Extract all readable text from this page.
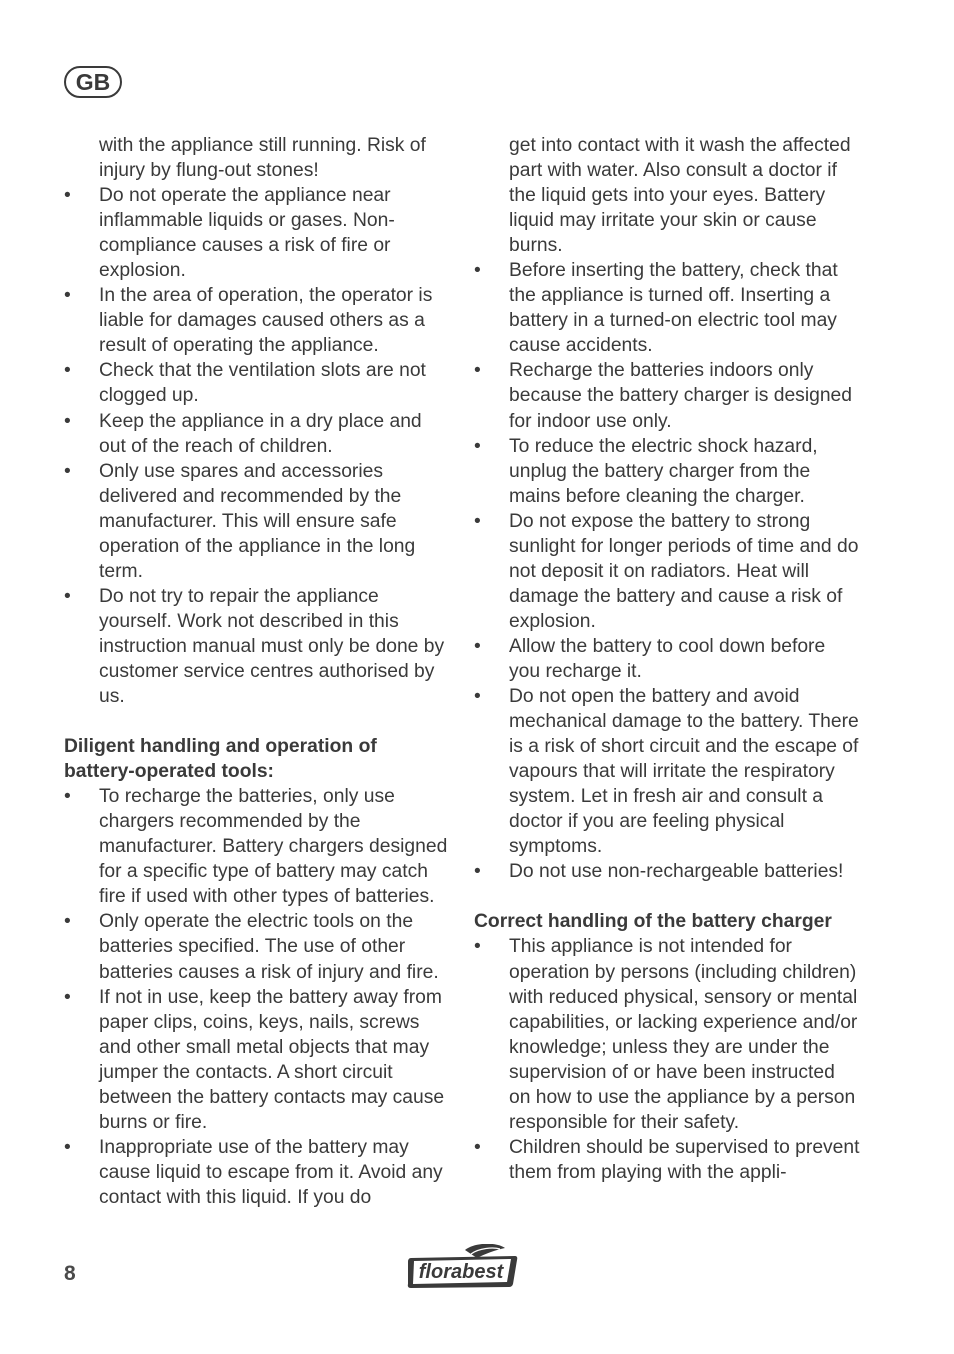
GB

with the appliance still running. Risk of injury by flung-out stones!

• Do not operate the appliance near inflammable liquids or gases. Non-compliance causes a risk of fire or explosion.
• In the area of operation, the operator is liable for damages caused others as a result of operating the appliance.
• Check that the ventilation slots are not clogged up.
• Keep the appliance in a dry place and out of the reach of children.
• Only use spares and accessories delivered and recommended by the manufacturer. This will ensure safe operation of the appliance in the long term.
• Do not try to repair the appliance yourself. Work not described in this instruction manual must only be done by customer service centres authorised by us.

Diligent handling and operation of battery-operated tools:

• To recharge the batteries, only use chargers recommended by the manufacturer. Battery chargers designed for a specific type of battery may catch fire if used with other types of batteries.
• Only operate the electric tools on the batteries specified. The use of other batteries causes a risk of injury and fire.
• If not in use, keep the battery away from paper clips, coins, keys, nails, screws and other small metal objects that may jumper the contacts. A short circuit between the battery contacts may cause burns or fire.
• Inappropriate use of the battery may cause liquid to escape from it. Avoid any contact with this liquid. If you do

get into contact with it wash the affected part with water. Also consult a doctor if the liquid gets into your eyes. Battery liquid may irritate your skin or cause burns.

• Before inserting the battery, check that the appliance is turned off. Inserting a battery in a turned-on electric tool may cause accidents.
• Recharge the batteries indoors only because the battery charger is designed for indoor use only.
• To reduce the electric shock hazard, unplug the battery charger from the mains before cleaning the charger.
• Do not expose the battery to strong sunlight for longer periods of time and do not deposit it on radiators. Heat will damage the battery and cause a risk of explosion.
• Allow the battery to cool down before you recharge it.
• Do not open the battery and avoid mechanical damage to the battery. There is a risk of short circuit and the escape of vapours that will irritate the respiratory system. Let in fresh air and consult a doctor if you are feeling physical symptoms.
• Do not use non-rechargeable batteries!

Correct handling of the battery charger

• This appliance is not intended for operation by persons (including children) with reduced physical, sensory or mental capabilities, or lacking experience and/or knowledge; unless they are under the supervision of or have been instructed on how to use the appliance by a person responsible for their safety.
• Children should be supervised to prevent them from playing with the appli-
8	florabest
